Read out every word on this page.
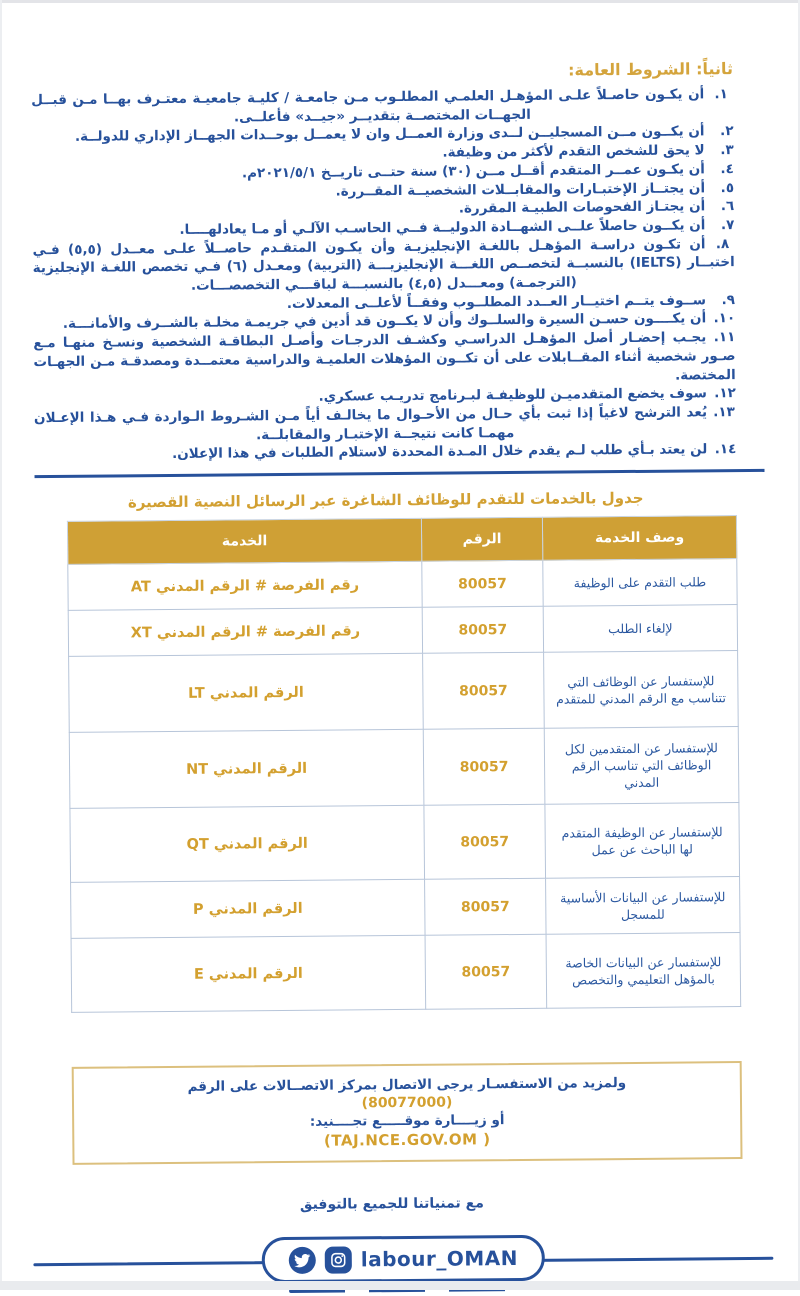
ثانياً: الشروط العامة:

١.أن يكـون حاصـلاً علـى المؤهـل العلمـي المطلـوب مـن جامعـة / كليـة جامعيـة معتـرف بهــا مـن قبــل الجهــات المختصــة بتقديــر «جيــد» فأعلــى.

٢.أن يكــون مــن المسجليــن لــدى وزارة العمــل وان لا يعمــل بوحــدات الجهــاز الإداري للدولــة.

٣.لا يحق للشخص التقدم لأكثر من وظيفة.

٤.أن يكـون عمــر المتقدم أقــل مــن (٣٠) سنة حتــى تاريــخ ٢٠٢١/٥/١م.

٥.أن يجتــاز الإختبـارات والمقابــلات الشخصيــة المقــررة.

٦.أن يجتـاز الفحوصات الطبيـة المقررة.

٧.أن يكــون حاصلاً علــى الشهــادة الدوليــة فــي الحاسـب الآلـي أو مـا يعادلهــــا.

٨.أن تكـون دراسـة المؤهـل باللغـة الإنجليزيـة وأن يكـون المتقـدم حاصــلاً علـى معــدل (٥,٥) فـي اختبــار (IELTS) بالنسبــة لتخصــص اللغـــة الإنجليزيـــة (التربية) ومعـدل (٦) فـي تخصص اللغـة الإنجليزية (الترجمـة) ومعـــدل (٤,٥) بالنسبـــة لباقـــي التخصصـــات.

٩.ســوف يتــم اختيــار العــدد المطلــوب وفقــاً لأعلــى المعدلات.

١٠.أن يكــــون حسـن السيرة والسلــوك وأن لا يكــون قد أدين في جريمـة مخلـة بالشــرف والأمانـــة.

١١.يجـب إحضـار أصل المؤهـل الدراسـي وكشـف الدرجـات وأصـل البطاقـة الشخصية ونسـخ منهـا مـع صـور شخصية أثناء المقــابلات على أن تكــون المؤهلات العلميـة والدراسية معتمــدة ومصدقـة مـن الجهـات المختصة.

١٢.سوف يخضع المتقدميـن للوظيفـة لبـرنامج تدريـب عسكري.

١٣.يُعد الترشح لاغياً إذا ثبت بأي حـال من الأحـوال ما يخالـف أياً مـن الشـروط الـواردة فـي هـذا الإعـلان مهمـا كانت نتيجــة الإختبـار والمقابلــة.

١٤.لن يعتد بـأي طلب لـم يقدم خلال المـدة المحددة لاستلام الطلبات في هذا الإعلان.

جدول بالخدمات للتقدم للوظائف الشاغرة عبر الرسائل النصية القصيرة
وصف الخدمة	الرقم	الخدمة
طلب التقدم على الوظيفة	80057	رقم الفرصة # الرقم المدني AT
لإلغاء الطلب	80057	رقم الفرصة # الرقم المدني XT
للإستفسار عن الوظائف التي تتناسب مع الرقم المدني للمتقدم	80057	الرقم المدني LT
للإستفسار عن المتقدمين لكل الوظائف التي تناسب الرقم المدني	80057	الرقم المدني NT
للإستفسار عن الوظيفة المتقدم لها الباحث عن عمل	80057	الرقم المدني QT
للإستفسار عن البيانات الأساسية للمسجل	80057	الرقم المدني P
للإستفسار عن البيانات الخاصة بالمؤهل التعليمي والتخصص	80057	الرقم المدني E

ولمزيد من الاستفسـار يرجى الاتصال بمركز الاتصــالات على الرقم

(80077000)

أو زيــــارة موقـــــع تجــــنيد:

(TAJ.NCE.GOV.OM )

مع تمنياتنا للجميع بالتوفيق

labour_OMAN
